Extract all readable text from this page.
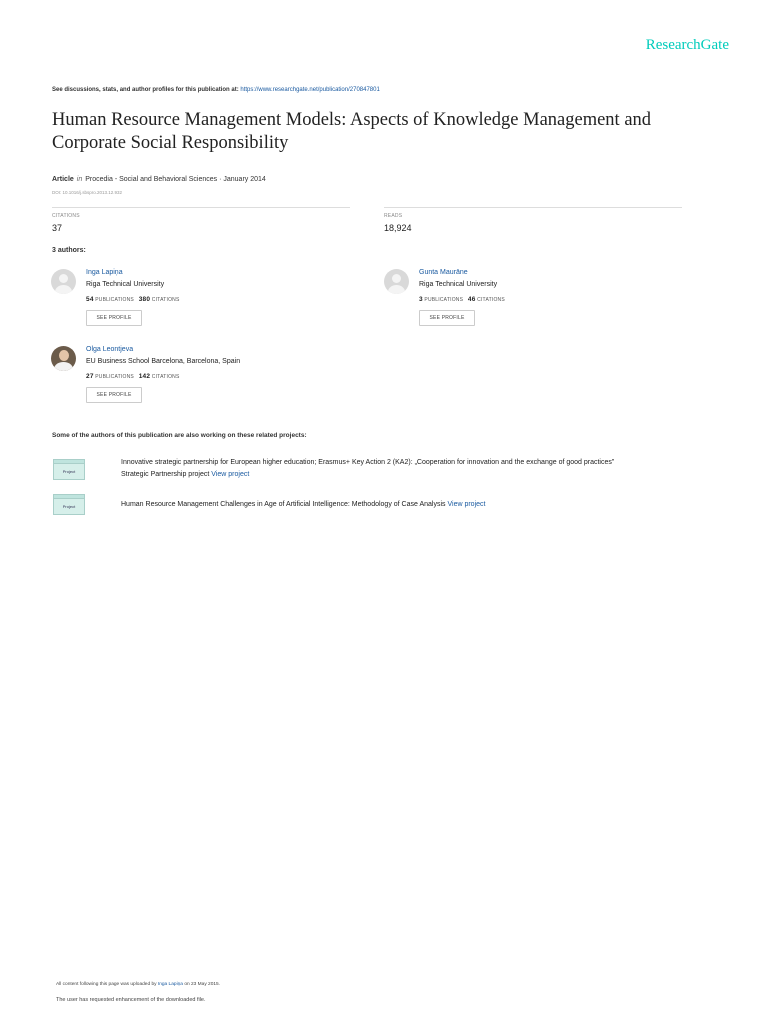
ResearchGate
See discussions, stats, and author profiles for this publication at: https://www.researchgate.net/publication/270847801
Human Resource Management Models: Aspects of Knowledge Management and Corporate Social Responsibility
Article in Procedia - Social and Behavioral Sciences · January 2014
DOI: 10.1016/j.sbspro.2013.12.932
CITATIONS
37
READS
18,924
3 authors:
Inga Lapiņa
Riga Technical University
54 PUBLICATIONS 380 CITATIONS
SEE PROFILE
Gunta Maurāne
Riga Technical University
3 PUBLICATIONS 46 CITATIONS
SEE PROFILE
Olga Leontjeva
EU Business School Barcelona, Barcelona, Spain
27 PUBLICATIONS 142 CITATIONS
SEE PROFILE
Some of the authors of this publication are also working on these related projects:
Project
Innovative strategic partnership for European higher education; Erasmus+ Key Action 2 (KA2): „Cooperation for innovation and the exchange of good practices”
Strategic Partnership project View project
Project	Human Resource Management Challenges in Age of Artificial Intelligence: Methodology of Case Analysis View project
All content following this page was uploaded by Inga Lapiņa on 23 May 2015.
The user has requested enhancement of the downloaded file.
